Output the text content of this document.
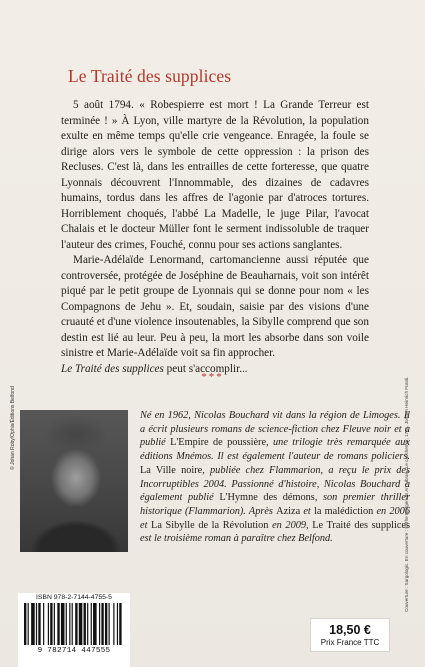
Le Traité des supplices

5 août 1794. « Robespierre est mort ! La Grande Terreur est terminée ! » À Lyon, ville martyre de la Révolution, la population exulte en même temps qu'elle crie vengeance. Enragée, la foule se dirige alors vers le symbole de cette oppression : la prison des Recluses. C'est là, dans les entrailles de cette forteresse, que quatre Lyonnais découvrent l'Innommable, des dizaines de cadavres humains, tordus dans les affres de l'agonie par d'atroces tortures. Horriblement choqués, l'abbé La Madelle, le juge Pilar, l'avocat Chalais et le docteur Müller font le serment indissoluble de traquer l'auteur des crimes, Fouché, connu pour ses actions sanglantes.

Marie-Adélaïde Lenormand, cartomancienne aussi réputée que controversée, protégée de Joséphine de Beauharnais, voit son intérêt piqué par le petit groupe de Lyonnais qui se donne pour nom « les Compagnons de Jehu ». Et, soudain, saisie par des visions d'une cruauté et d'une violence insoutenables, la Sibylle comprend que son destin est lié au leur. Peu à peu, la mort les absorbe dans son voile sinistre et Marie-Adélaïde voit sa fin approcher.

Le Traité des supplices peut s'accomplir...

***
© Johan Roby/Ophis/Éditions Belfond	Né en 1962, Nicolas Bouchard vit dans la région de Limoges. Il a écrit plusieurs romans de science-fiction chez Fleuve noir et a publié L'Empire de poussière, une trilogie très remarquée aux éditions Mnémos. Il est également l'auteur de romans policiers. La Ville noire, publiée chez Flammarion, a reçu le prix des Incorruptibles 2004. Passionné d'histoire, Nicolas Bouchard a également publié L'Hymne des démons, son premier thriller historique (Flammarion). Après Aziza et la malédiction en 2006 et La Sibylle de la Révolution en 2009, Le Traité des supplices est le troisième roman à paraître chez Belfond.	Couverture : Sargologic. En couverture : © The Bridgeman Art Library. Le cauchemar, 1781, Johann Heinrich Füssli.
ISBN 978-2-7144-4755-5
9 782714 447555
18,50 €
Prix France TTC
